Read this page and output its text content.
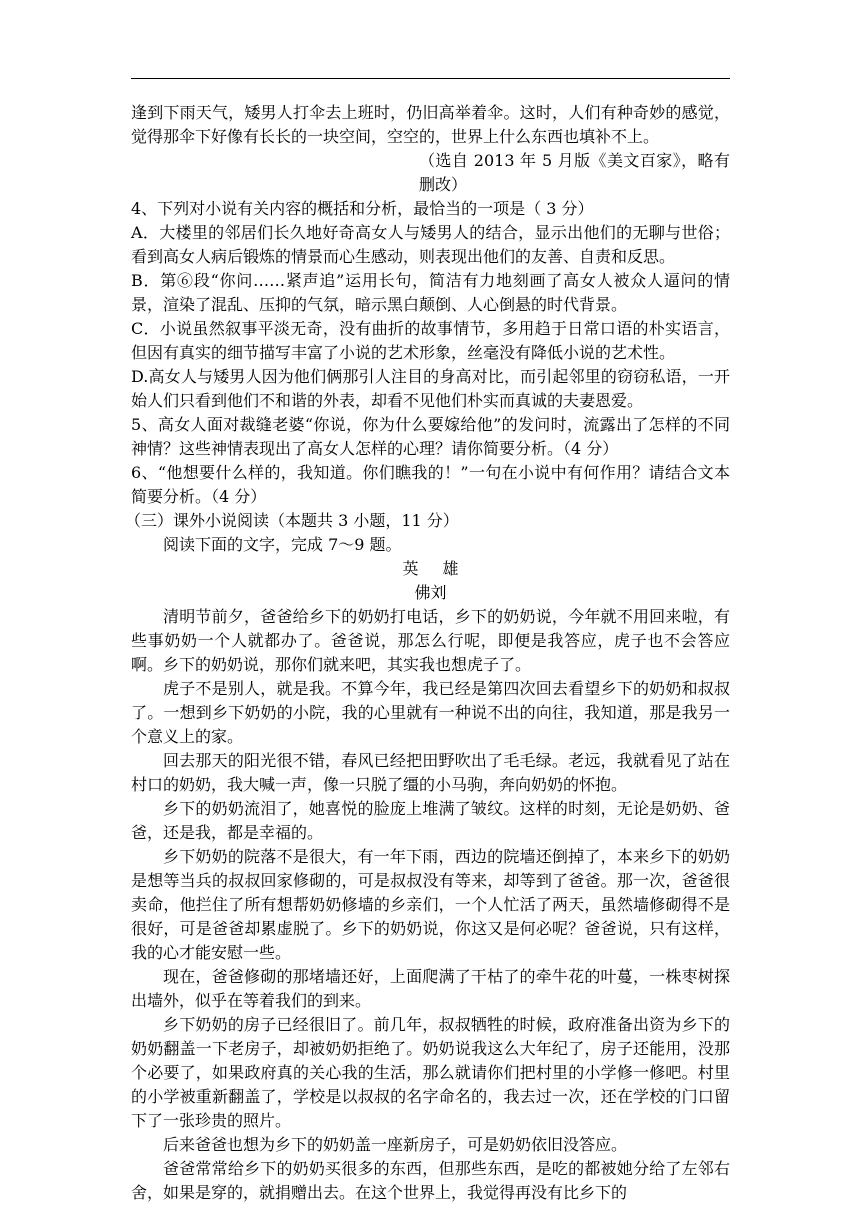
逢到下雨天气，矮男人打伞去上班时，仍旧高举着伞。这时，人们有种奇妙的感觉，觉得那伞下好像有长长的一块空间，空空的，世界上什么东西也填补不上。

（选自 2013 年 5 月版《美文百家》，略有删改）

4、下列对小说有关内容的概括和分析，最恰当的一项是（ 3 分）

A．大楼里的邻居们长久地好奇高女人与矮男人的结合，显示出他们的无聊与世俗；看到高女人病后锻炼的情景而心生感动，则表现出他们的友善、自责和反思。

B．第⑥段“你问……紧声追”运用长句，简洁有力地刻画了高女人被众人逼问的情景，渲染了混乱、压抑的气氛，暗示黑白颠倒、人心倒悬的时代背景。

C．小说虽然叙事平淡无奇，没有曲折的故事情节，多用趋于日常口语的朴实语言，但因有真实的细节描写丰富了小说的艺术形象，丝毫没有降低小说的艺术性。

D.高女人与矮男人因为他们俩那引人注目的身高对比，而引起邻里的窃窃私语，一开始人们只看到他们不和谐的外表，却看不见他们朴实而真诚的夫妻恩爱。

5、高女人面对裁缝老婆“你说，你为什么要嫁给他”的发问时，流露出了怎样的不同神情？这些神情表现出了高女人怎样的心理？请你简要分析。（4 分）

6、“他想要什么样的，我知道。你们瞧我的！”一句在小说中有何作用？请结合文本简要分析。（4 分）

（三）课外小说阅读（本题共 3 小题，11 分）

阅读下面的文字，完成 7～9 题。

英雄

佛刘

清明节前夕，爸爸给乡下的奶奶打电话，乡下的奶奶说，今年就不用回来啦，有些事奶奶一个人就都办了。爸爸说，那怎么行呢，即便是我答应，虎子也不会答应啊。乡下的奶奶说，那你们就来吧，其实我也想虎子了。

虎子不是别人，就是我。不算今年，我已经是第四次回去看望乡下的奶奶和叔叔了。一想到乡下奶奶的小院，我的心里就有一种说不出的向往，我知道，那是我另一个意义上的家。

回去那天的阳光很不错，春风已经把田野吹出了毛毛绿。老远，我就看见了站在村口的奶奶，我大喊一声，像一只脱了缰的小马驹，奔向奶奶的怀抱。

乡下的奶奶流泪了，她喜悦的脸庞上堆满了皱纹。这样的时刻，无论是奶奶、爸爸，还是我，都是幸福的。

乡下奶奶的院落不是很大，有一年下雨，西边的院墙还倒掉了，本来乡下的奶奶是想等当兵的叔叔回家修砌的，可是叔叔没有等来，却等到了爸爸。那一次，爸爸很卖命，他拦住了所有想帮奶奶修墙的乡亲们，一个人忙活了两天，虽然墙修砌得不是很好，可是爸爸却累虚脱了。乡下的奶奶说，你这又是何必呢？爸爸说，只有这样，我的心才能安慰一些。

现在，爸爸修砌的那堵墙还好，上面爬满了干枯了的牵牛花的叶蔓，一株枣树探出墙外，似乎在等着我们的到来。

乡下奶奶的房子已经很旧了。前几年，叔叔牺牲的时候，政府准备出资为乡下的奶奶翻盖一下老房子，却被奶奶拒绝了。奶奶说我这么大年纪了，房子还能用，没那个必要了，如果政府真的关心我的生活，那么就请你们把村里的小学修一修吧。村里的小学被重新翻盖了，学校是以叔叔的名字命名的，我去过一次，还在学校的门口留下了一张珍贵的照片。

后来爸爸也想为乡下的奶奶盖一座新房子，可是奶奶依旧没答应。

爸爸常常给乡下的奶奶买很多的东西，但那些东西，是吃的都被她分给了左邻右舍，如果是穿的，就捐赠出去。在这个世界上，我觉得再没有比乡下的
